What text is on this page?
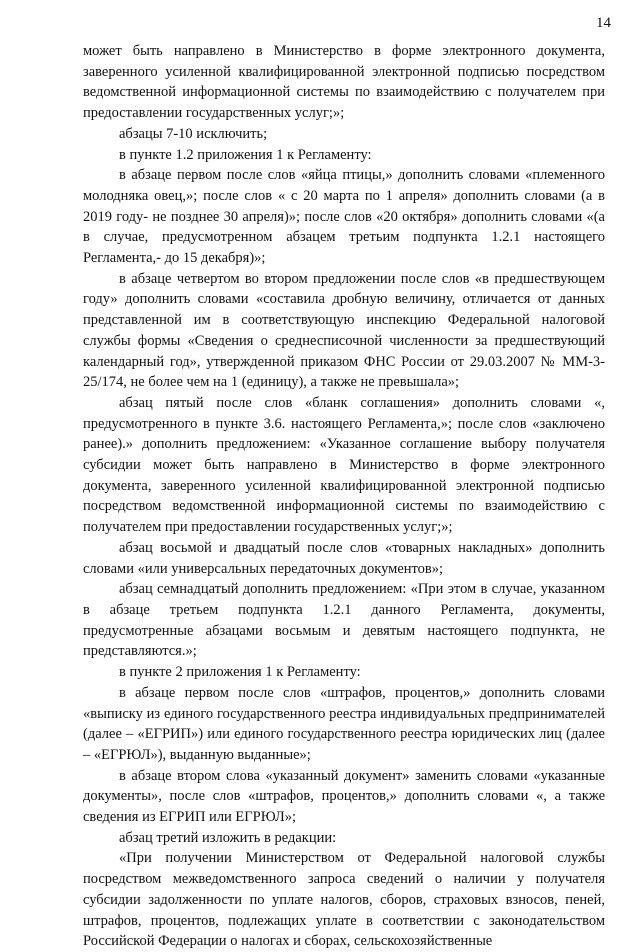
14

может быть направлено в Министерство в форме электронного документа, заверенного усиленной квалифицированной электронной подписью посредством ведомственной информационной системы по взаимодействию с получателем при предоставлении государственных услуг;»;

абзацы 7-10 исключить;

в пункте 1.2 приложения 1 к Регламенту:

в абзаце первом после слов «яйца птицы,» дополнить словами «племенного молодняка овец,»; после слов « с 20 марта по 1 апреля» дополнить словами (а в 2019 году- не позднее 30 апреля)»; после слов «20 октября» дополнить словами «(а в случае, предусмотренном абзацем третьим подпункта 1.2.1 настоящего Регламента,- до 15 декабря)»;

в абзаце четвертом во втором предложении после слов «в предшествующем году» дополнить словами «составила дробную величину, отличается от данных представленной им в соответствующую инспекцию Федеральной налоговой службы формы «Сведения о среднесписочной численности за предшествующий календарный год», утвержденной приказом ФНС России от 29.03.2007 № ММ-3-25/174, не более чем на 1 (единицу), а также не превышала»;

абзац пятый после слов «бланк соглашения» дополнить словами «, предусмотренного в пункте 3.6. настоящего Регламента,»; после слов «заключено ранее).» дополнить предложением: «Указанное соглашение выбору получателя субсидии может быть направлено в Министерство в форме электронного документа, заверенного усиленной квалифицированной электронной подписью посредством ведомственной информационной системы по взаимодействию с получателем при предоставлении государственных услуг;»;

абзац восьмой и двадцатый после слов «товарных накладных» дополнить словами «или универсальных передаточных документов»;

абзац семнадцатый дополнить предложением: «При этом в случае, указанном в абзаце третьем подпункта 1.2.1 данного Регламента, документы, предусмотренные абзацами восьмым и девятым настоящего подпункта, не представляются.»;

в пункте 2 приложения 1 к Регламенту:

в абзаце первом после слов «штрафов, процентов,» дополнить словами «выписку из единого государственного реестра индивидуальных предпринимателей (далее – «ЕГРИП») или единого государственного реестра юридических лиц (далее – «ЕГРЮЛ»), выданную выданные»;

в абзаце втором слова «указанный документ» заменить словами «указанные документы», после слов «штрафов, процентов,» дополнить словами «, а также сведения из ЕГРИП или ЕГРЮЛ»;

абзац третий изложить в редакции:

«При получении Министерством от Федеральной налоговой службы посредством межведомственного запроса сведений о наличии у получателя субсидии задолженности по уплате налогов, сборов, страховых взносов, пеней, штрафов, процентов, подлежащих уплате в соответствии с законодательством Российской Федерации о налогах и сборах, сельскохозяйственные
